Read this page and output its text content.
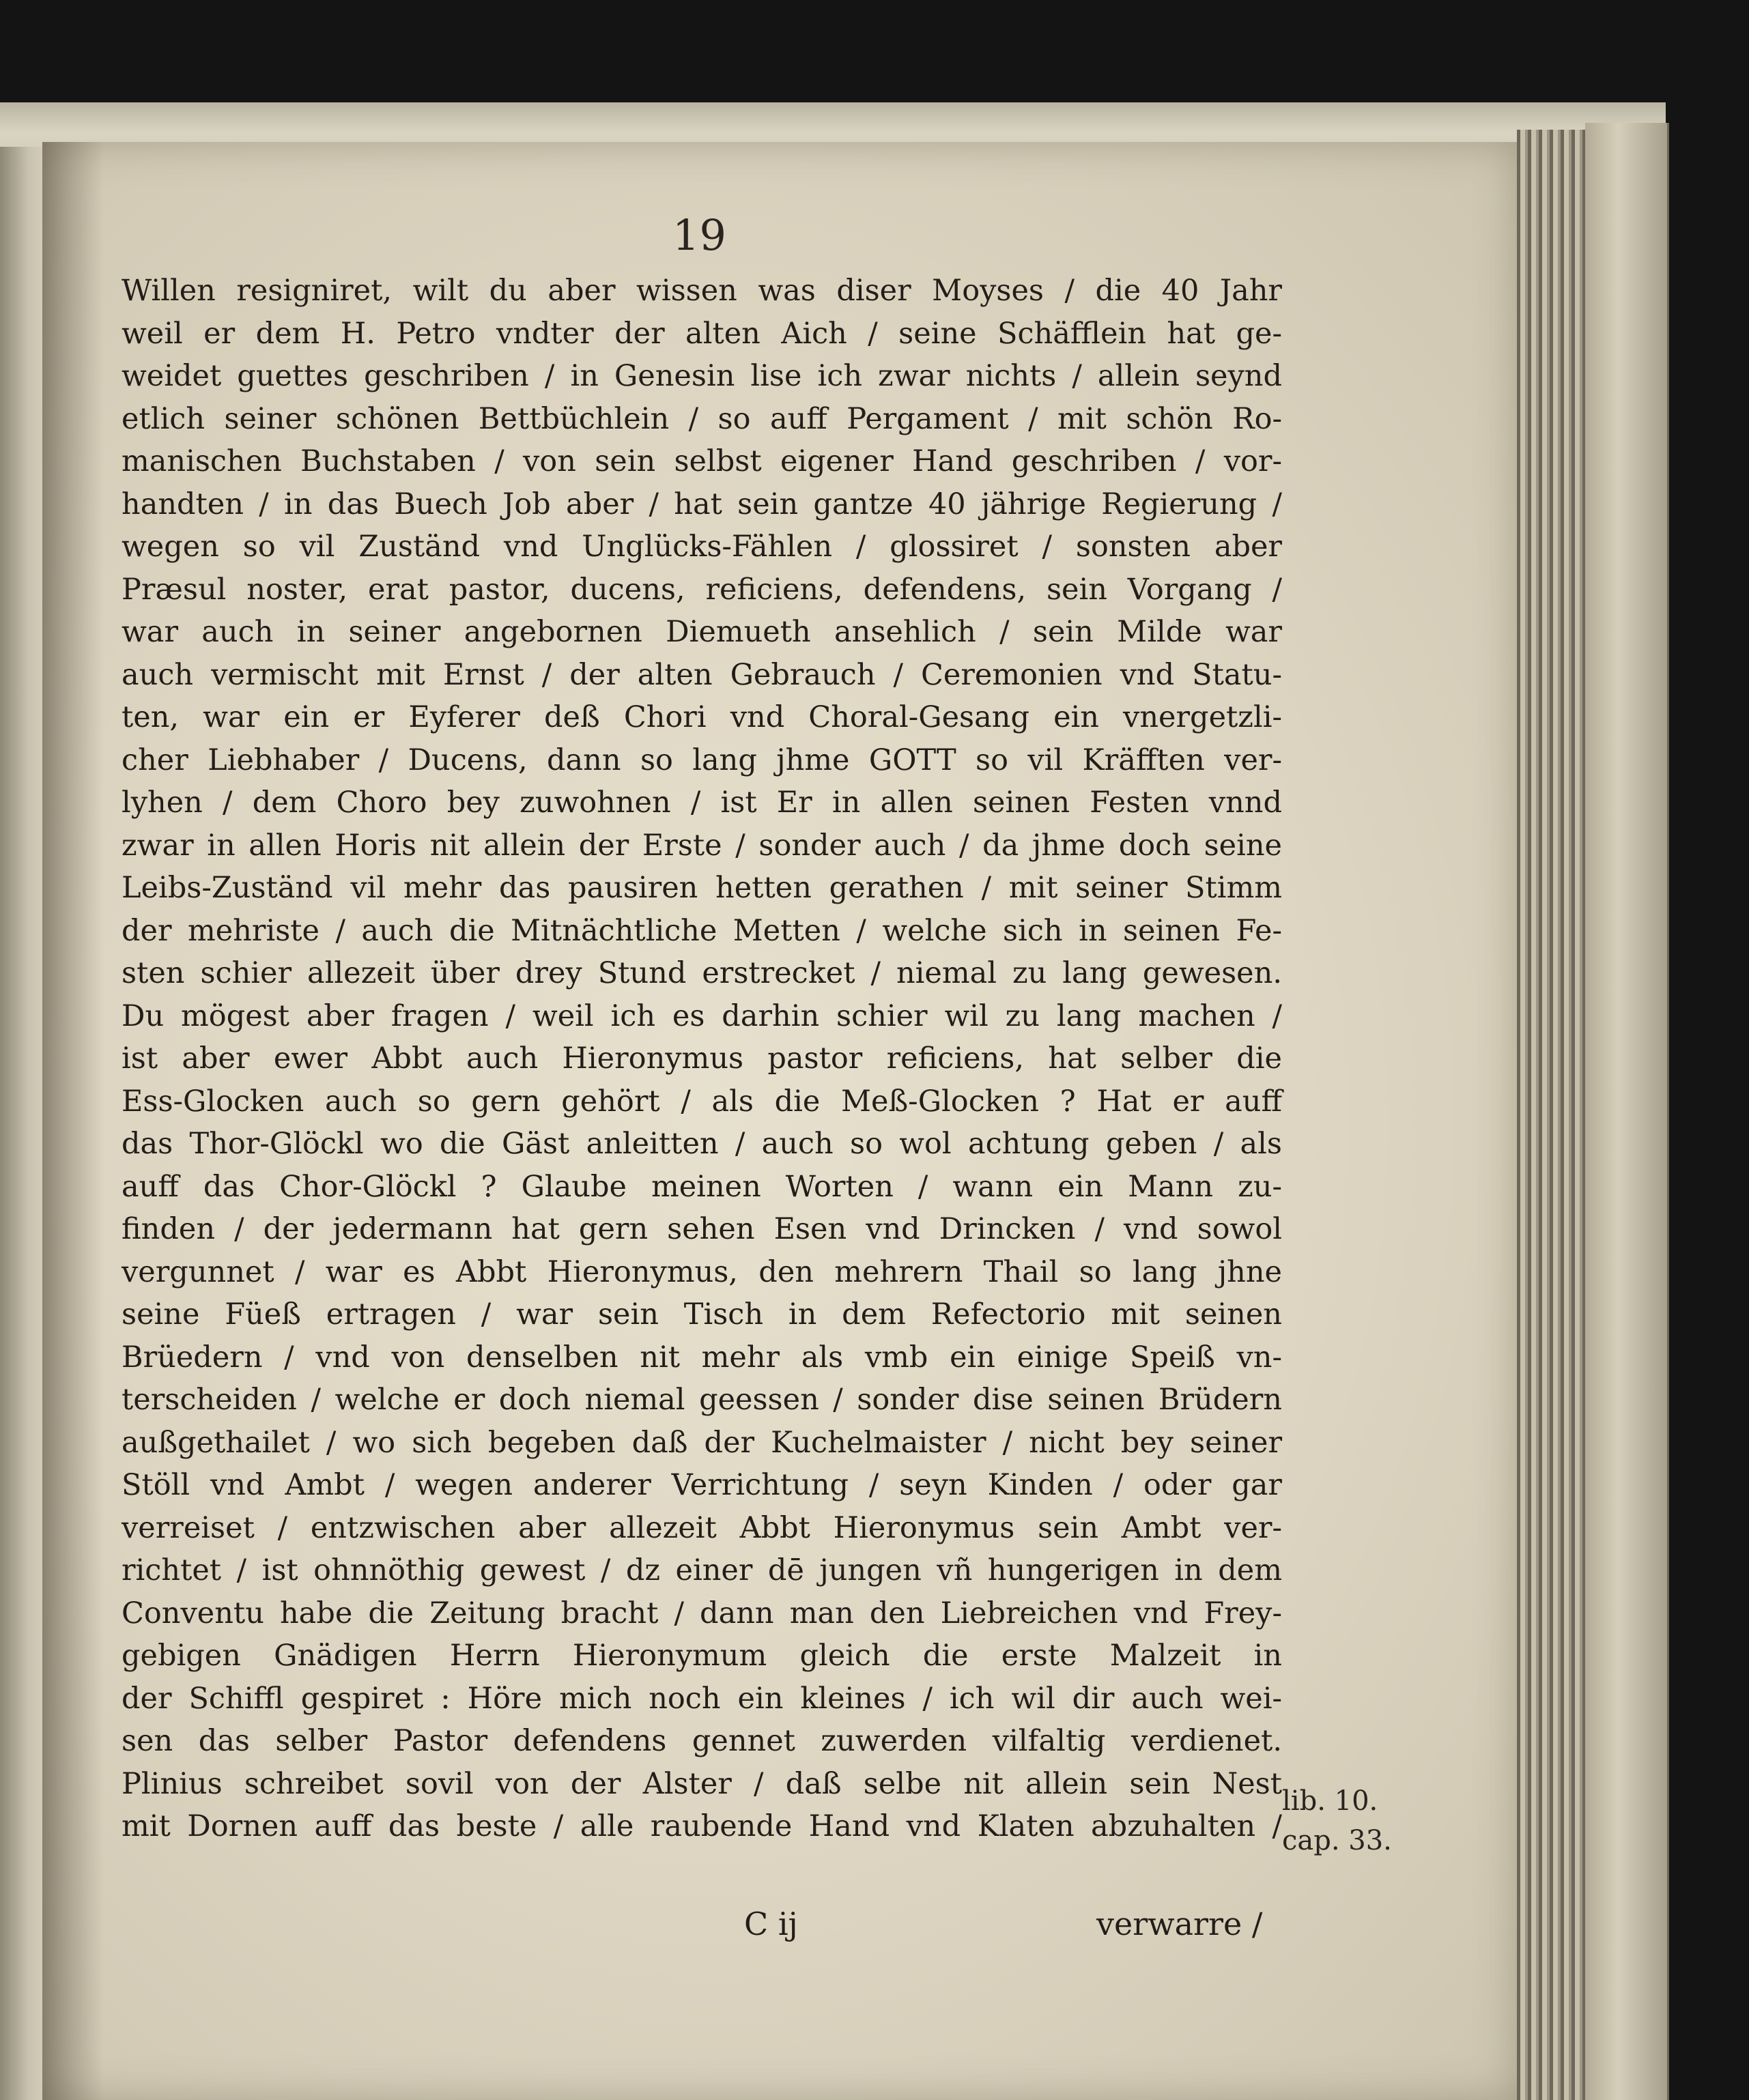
19
Willen resigniret, wilt du aber wissen was diser Moyses / die 40 Jahr
weil er dem H. Petro vndter der alten Aich / seine Schäfflein hat ge-
weidet guettes geschriben / in Genesin lise ich zwar nichts / allein seynd
etlich seiner schönen Bettbüchlein / so auff Pergament / mit schön Ro-
manischen Buchstaben / von sein selbst eigener Hand geschriben / vor-
handten / in das Buech Job aber / hat sein gantze 40 jährige Regierung /
wegen so vil Zuständ vnd Unglücks-Fählen / glossiret / sonsten aber
Præsul noster, erat pastor, ducens, reficiens, defendens, sein Vorgang /
war auch in seiner angebornen Diemueth ansehlich / sein Milde war
auch vermischt mit Ernst / der alten Gebrauch / Ceremonien vnd Statu-
ten, war ein er Eyferer deß Chori vnd Choral-Gesang ein vnergetzli-
cher Liebhaber / Ducens, dann so lang jhme GOTT so vil Kräfften ver-
lyhen / dem Choro bey zuwohnen / ist Er in allen seinen Festen vnnd
zwar in allen Horis nit allein der Erste / sonder auch / da jhme doch seine
Leibs-Zuständ vil mehr das pausiren hetten gerathen / mit seiner Stimm
der mehriste / auch die Mitnächtliche Metten / welche sich in seinen Fe-
sten schier allezeit über drey Stund erstrecket / niemal zu lang gewesen.
Du mögest aber fragen / weil ich es darhin schier wil zu lang machen /
ist aber ewer Abbt auch Hieronymus pastor reficiens, hat selber die
Ess-Glocken auch so gern gehört / als die Meß-Glocken ? Hat er auff
das Thor-Glöckl wo die Gäst anleitten / auch so wol achtung geben / als
auff das Chor-Glöckl ? Glaube meinen Worten / wann ein Mann zu-
finden / der jedermann hat gern sehen Esen vnd Drincken / vnd sowol
vergunnet / war es Abbt Hieronymus, den mehrern Thail so lang jhne
seine Füeß ertragen / war sein Tisch in dem Refectorio mit seinen
Brüedern / vnd von denselben nit mehr als vmb ein einige Speiß vn-
terscheiden / welche er doch niemal geessen / sonder dise seinen Brüdern
außgethailet / wo sich begeben daß der Kuchelmaister / nicht bey seiner
Stöll vnd Ambt / wegen anderer Verrichtung / seyn Kinden / oder gar
verreiset / entzwischen aber allezeit Abbt Hieronymus sein Ambt ver-
richtet / ist ohnnöthig gewest / dz einer dē jungen vñ hungerigen in dem
Conventu habe die Zeitung bracht / dann man den Liebreichen vnd Frey-
gebigen Gnädigen Herrn Hieronymum gleich die erste Malzeit in
der Schiffl gespiret : Höre mich noch ein kleines / ich wil dir auch wei-
sen das selber Pastor defendens gennet zuwerden vilfaltig verdienet.
Plinius schreibet sovil von der Alster / daß selbe nit allein sein Nest
mit Dornen auff das beste / alle raubende Hand vnd Klaten abzuhalten /
lib. 10.
cap. 33.
C ij	verwarre /
